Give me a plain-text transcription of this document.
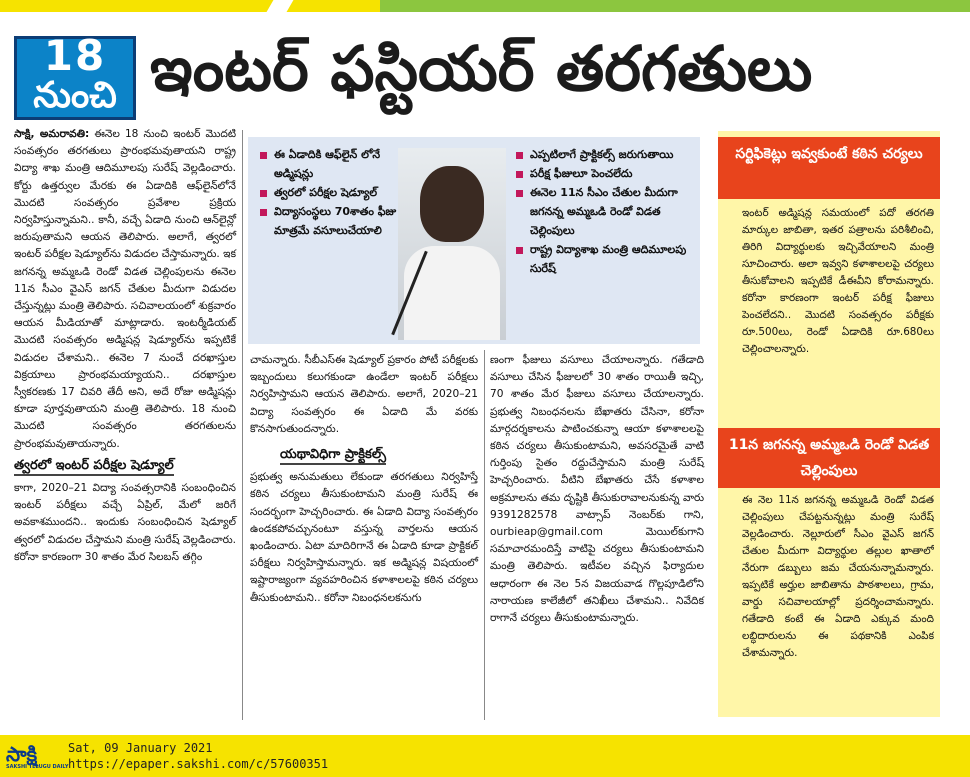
18
నుంచి ఇంటర్ ఫస్టియర్ తరగతులు

సాక్షి, అమరావతి: ఈనెల 18 నుంచి ఇంటర్ మొదటి సంవత్సరం తరగతులు ప్రారంభమవుతాయని రాష్ట్ర విద్యా శాఖ మంత్రి ఆదిమూలపు సురేష్ వెల్లడించారు. కోర్టు ఉత్తర్వుల మేరకు ఈ ఏడాదికి ఆఫ్‌లైన్‌లోనే మొదటి సంవత్సరం ప్రవేశాల ప్రక్రియ నిర్వహిస్తున్నామని.. కానీ, వచ్చే ఏడాది నుంచి ఆన్‌లైన్లో జరుపుతామని ఆయన తెలిపారు. అలాగే, త్వరలో ఇంటర్ పరీక్షల షెడ్యూల్‌ను విడుదల చేస్తామన్నారు. ఇక జగనన్న అమ్మఒడి రెండో విడత చెల్లింపులను ఈనెల 11న సీఎం వైఎస్ జగన్ చేతుల మీదుగా విడుదల చేస్తున్నట్లు మంత్రి తెలిపారు. సచివాలయంలో శుక్రవారం ఆయన మీడియాతో మాట్లాడారు. ఇంటర్మీడియట్ మొదటి సంవత్సరం అడ్మిషన్ల షెడ్యూల్‌ను ఇప్పటికే విడుదల చేశామని.. ఈనెల 7 నుంచే దరఖాస్తుల విక్రయాలు ప్రారంభమయ్యాయని.. దరఖాస్తుల స్వీకరణకు 17 చివరి తేదీ అని, అదే రోజు అడ్మిషన్లు కూడా పూర్తవుతాయని మంత్రి తెలిపారు. 18 నుంచి మొదటి సంవత్సరం తరగతులను ప్రారంభమవుతాయన్నారు.

త్వరలో ఇంటర్ పరీక్షల షెడ్యూల్

కాగా, 2020–21 విద్యా సంవత్సరానికి సంబంధించిన ఇంటర్ పరీక్షలు వచ్చే ఏప్రిల్, మేలో జరిగే అవకాశముందని.. ఇందుకు సంబంధించిన షెడ్యూల్ త్వరలో విడుదల చేస్తామని మంత్రి సురేష్ వెల్లడించారు. కరోనా కారణంగా 30 శాతం మేర సిలబస్ తగ్గిం

ఈ ఏడాదికి ఆఫ్‌లైన్ లోనే అడ్మిషన్లు
త్వరలో పరీక్షల షెడ్యూల్
విద్యాసంస్థలు 70శాతం ఫీజు మాత్రమే వసూలుచేయాలి
ఎప్పటిలాగే ప్రాక్టికల్స్ జరుగుతాయి
పరీక్ష ఫీజులూ పెంచలేదు
ఈనెల 11న సీఎం చేతుల మీదుగా జగనన్న అమ్మఒడి రెండో విడత చెల్లింపులు
రాష్ట్ర విద్యాశాఖ మంత్రి ఆదిమూలపు సురేష్

చామన్నారు. సీబీఎస్ఈ షెడ్యూల్ ప్రకారం పోటీ పరీక్షలకు ఇబ్బందులు కలుగకుండా ఉండేలా ఇంటర్ పరీక్షలు నిర్వహిస్తామని ఆయన తెలిపారు. అలాగే, 2020–21 విద్యా సంవత్సరం ఈ ఏడాది మే వరకు కొనసాగుతుందన్నారు.

యథావిధిగా ప్రాక్టికల్స్

ప్రభుత్వ అనుమతులు లేకుండా తరగతులు నిర్వహిస్తే కఠిన చర్యలు తీసుకుంటామని మంత్రి సురేష్ ఈ సందర్భంగా హెచ్చరించారు. ఈ ఏడాది విద్యా సంవత్సరం ఉండకపోవచ్చునంటూ వస్తున్న వార్తలను ఆయన ఖండించారు. ఏటా మాదిరిగానే ఈ ఏడాది కూడా ప్రాక్టికల్ పరీక్షలు నిర్వహిస్తామన్నారు. ఇక అడ్మిషన్ల విషయంలో ఇష్టారాజ్యంగా వ్యవహరించిన కళాశాలలపై కఠిన చర్యలు తీసుకుంటామని.. కరోనా నిబంధనలకనుగు

ణంగా ఫీజులు వసూలు చేయాలన్నారు. గతేడాది వసూలు చేసిన ఫీజులలో 30 శాతం రాయితీ ఇచ్చి, 70 శాతం మేర ఫీజులు వసూలు చేయాలన్నారు. ప్రభుత్వ నిబంధనలను బేఖాతరు చేసినా, కరోనా మార్గదర్శకాలను పాటించకున్నా ఆయా కళాశాలలపై కఠిన చర్యలు తీసుకుంటామని, అవసరమైతే వాటి గుర్తింపు సైతం రద్దుచేస్తామని మంత్రి సురేష్ హెచ్చరించారు. వీటిని బేఖాతరు చేసే కళాశాల అక్రమాలను తమ దృష్టికి తీసుకురావాలనుకున్న వారు 9391282578 వాట్సాప్ నెంబర్‌కు గాని, ourbieap@gmail.com మెయిల్‌కుగాని సమాచారమందిస్తే వాటిపై చర్యలు తీసుకుంటామని మంత్రి తెలిపారు. ఇటీవల వచ్చిన ఫిర్యాదుల ఆధారంగా ఈ నెల 5న విజయవాడ గొల్లపూడిలోని నారాయణ కాలేజీలో తనిఖీలు చేశామని.. నివేదిక రాగానే చర్యలు తీసుకుంటామన్నారు.

సర్టిఫికెట్లు ఇవ్వకుంటే కఠిన చర్యలు
ఇంటర్ అడ్మిషన్ల సమయంలో పదో తరగతి మార్కుల జాబితా, ఇతర పత్రాలను పరిశీలించి, తిరిగి విద్యార్థులకు ఇచ్చివేయాలని మంత్రి సూచించారు. అలా ఇవ్వని కళాశాలలపై చర్యలు తీసుకోవాలని ఇప్పటికే డీఈవీని కోరామన్నారు. కరోనా కారణంగా ఇంటర్ పరీక్ష ఫీజులు పెంచలేదని.. మొదటి సంవత్సరం పరీక్షకు రూ.500లు, రెండో ఏడాదికి రూ.680లు చెల్లించాలన్నారు.
11న జగనన్న అమ్మఒడి రెండో విడత చెల్లింపులు
ఈ నెల 11న జగనన్న అమ్మఒడి రెండో విడత చెల్లింపులు చేపట్టనున్నట్లు మంత్రి సురేష్ వెల్లడించారు. నెల్లూరులో సీఎం వైఎస్ జగన్ చేతుల మీదుగా విద్యార్థుల తల్లుల ఖాతాలో నేరుగా డబ్బులు జమ చేయనున్నామన్నారు. ఇప్పటికే అర్హుల జాబితాను పాఠశాలలు, గ్రామ, వార్డు సచివాలయాల్లో ప్రదర్శించామన్నారు. గతేడాది కంటే ఈ ఏడాది ఎక్కువ మంది లబ్ధిదారులను ఈ పథకానికి ఎంపిక చేశామన్నారు.
సాక్షి
SAKSHI TELUGU DAILY
Sat, 09 January 2021
https://epaper.sakshi.com/c/57600351
